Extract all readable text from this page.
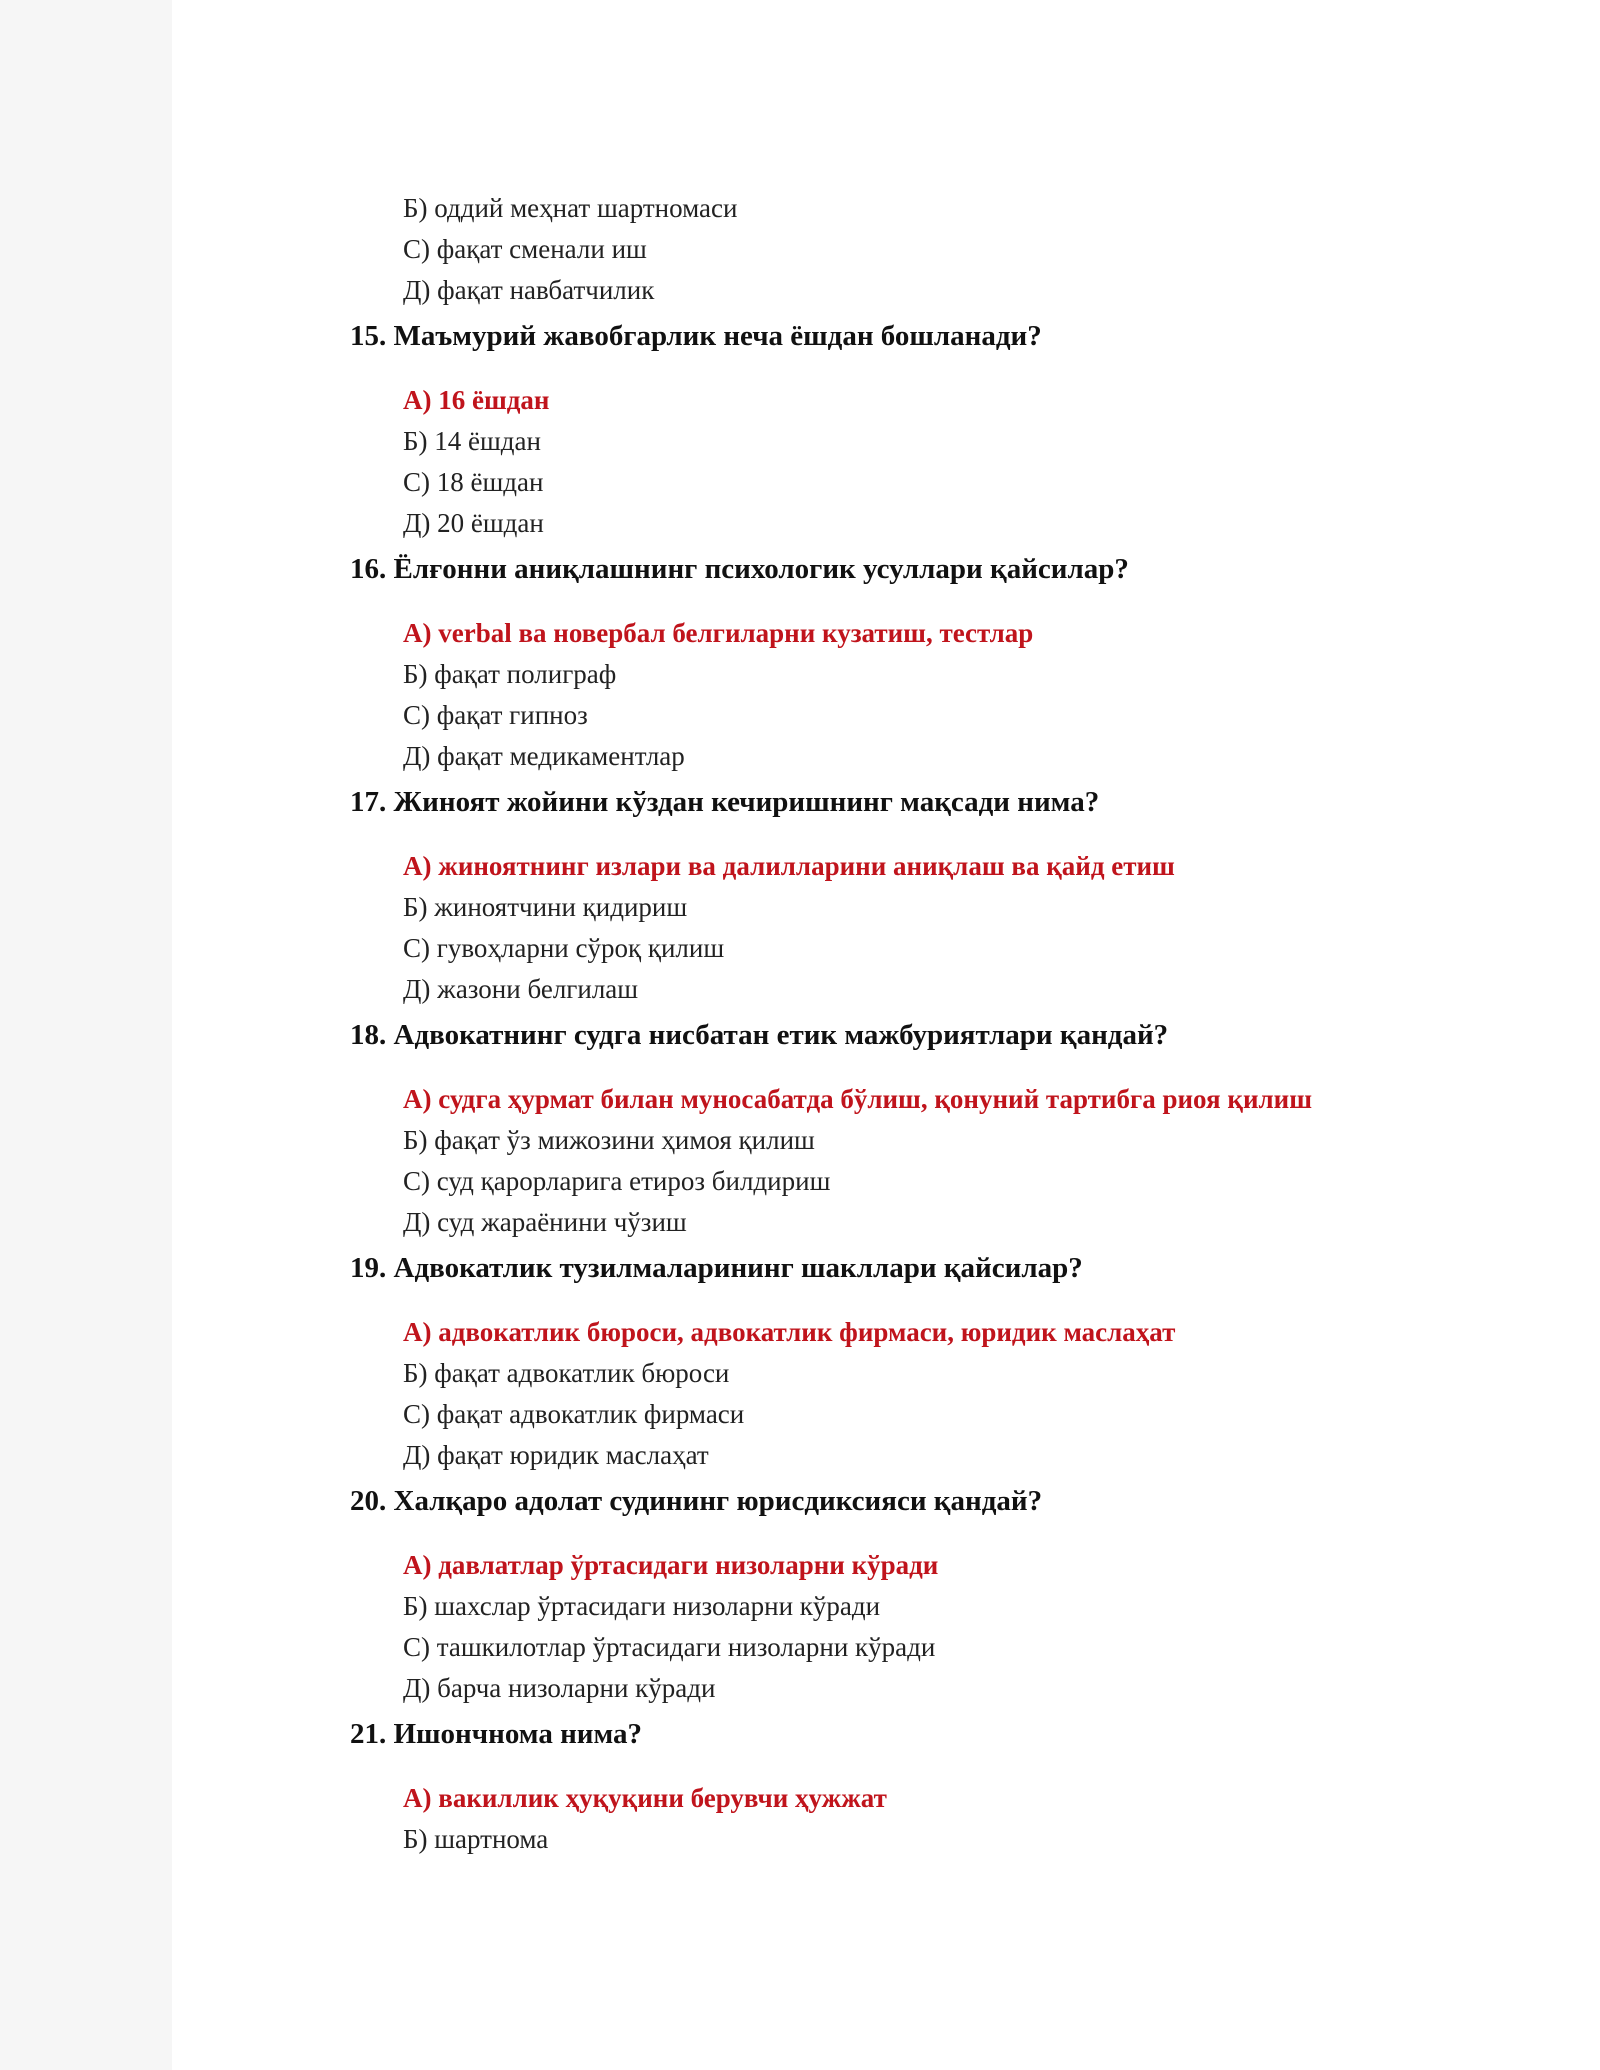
Б) оддий меҳнат шартномаси
С) фақат сменали иш
Д) фақат навбатчилик
15. Маъмурий жавобгарлик неча ёшдан бошланади?
А) 16 ёшдан
Б) 14 ёшдан
С) 18 ёшдан
Д) 20 ёшдан
16. Ёлғонни аниқлашнинг психологик усуллари қайсилар?
А) verbal ва новербал белгиларни кузатиш, тестлар
Б) фақат полиграф
С) фақат гипноз
Д) фақат медикаментлар
17. Жиноят жойини кўздан кечиришнинг мақсади нима?
А) жиноятнинг излари ва далилларини аниқлаш ва қайд етиш
Б) жиноятчини қидириш
С) гувоҳларни сўроқ қилиш
Д) жазони белгилаш
18. Адвокатнинг судга нисбатан етик мажбуриятлари қандай?
А) судга ҳурмат билан муносабатда бўлиш, қонуний тартибга риоя қилиш
Б) фақат ўз мижозини ҳимоя қилиш
С) суд қарорларига етироз билдириш
Д) суд жараёнини чўзиш
19. Адвокатлик тузилмаларининг шакллари қайсилар?
А) адвокатлик бюроси, адвокатлик фирмаси, юридик маслаҳат
Б) фақат адвокатлик бюроси
С) фақат адвокатлик фирмаси
Д) фақат юридик маслаҳат
20. Халқаро адолат судининг юрисдиксияси қандай?
А) давлатлар ўртасидаги низоларни кўради
Б) шахслар ўртасидаги низоларни кўради
С) ташкилотлар ўртасидаги низоларни кўради
Д) барча низоларни кўради
21. Ишончнома нима?
А) вакиллик ҳуқуқини берувчи ҳужжат
Б) шартнома
